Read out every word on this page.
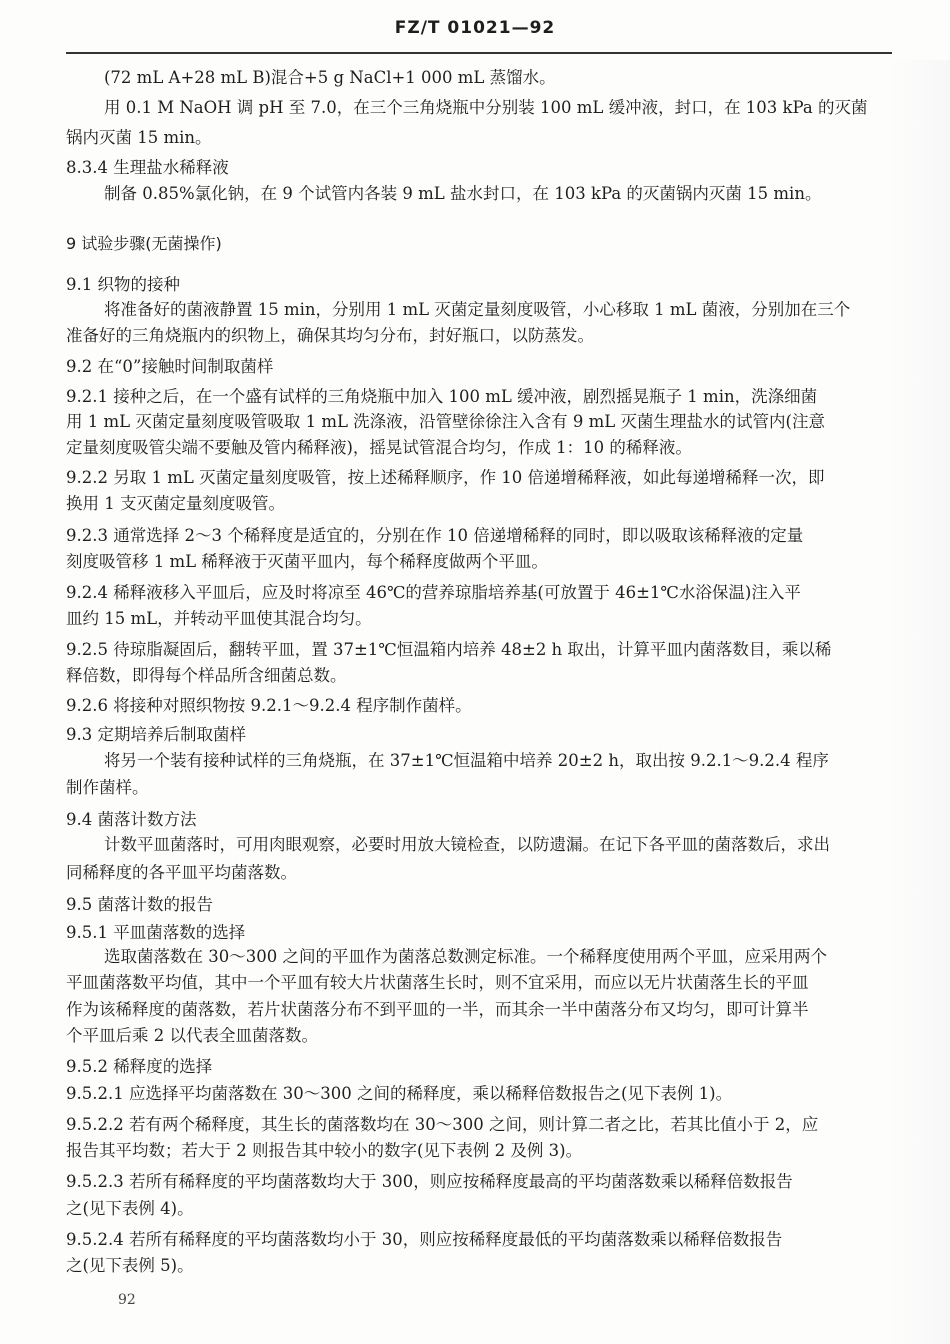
FZ/T 01021—92
(72 mL A+28 mL B)混合+5 g NaCl+1 000 mL 蒸馏水。
用 0.1 M NaOH 调 pH 至 7.0，在三个三角烧瓶中分别装 100 mL 缓冲液，封口，在 103 kPa 的灭菌
锅内灭菌 15 min。
8.3.4 生理盐水稀释液
制备 0.85%氯化钠，在 9 个试管内各装 9 mL 盐水封口，在 103 kPa 的灭菌锅内灭菌 15 min。
9 试验步骤(无菌操作)
9.1 织物的接种
将准备好的菌液静置 15 min，分别用 1 mL 灭菌定量刻度吸管，小心移取 1 mL 菌液，分别加在三个
准备好的三角烧瓶内的织物上，确保其均匀分布，封好瓶口，以防蒸发。
9.2 在“0”接触时间制取菌样
9.2.1 接种之后，在一个盛有试样的三角烧瓶中加入 100 mL 缓冲液，剧烈摇晃瓶子 1 min，洗涤细菌
用 1 mL 灭菌定量刻度吸管吸取 1 mL 洗涤液，沿管壁徐徐注入含有 9 mL 灭菌生理盐水的试管内(注意
定量刻度吸管尖端不要触及管内稀释液)，摇晃试管混合均匀，作成 1：10 的稀释液。
9.2.2 另取 1 mL 灭菌定量刻度吸管，按上述稀释顺序，作 10 倍递增稀释液，如此每递增稀释一次，即
换用 1 支灭菌定量刻度吸管。
9.2.3 通常选择 2～3 个稀释度是适宜的，分别在作 10 倍递增稀释的同时，即以吸取该稀释液的定量
刻度吸管移 1 mL 稀释液于灭菌平皿内，每个稀释度做两个平皿。
9.2.4 稀释液移入平皿后，应及时将凉至 46℃的营养琼脂培养基(可放置于 46±1℃水浴保温)注入平
皿约 15 mL，并转动平皿使其混合均匀。
9.2.5 待琼脂凝固后，翻转平皿，置 37±1℃恒温箱内培养 48±2 h 取出，计算平皿内菌落数目，乘以稀
释倍数，即得每个样品所含细菌总数。
9.2.6 将接种对照织物按 9.2.1～9.2.4 程序制作菌样。
9.3 定期培养后制取菌样
将另一个装有接种试样的三角烧瓶，在 37±1℃恒温箱中培养 20±2 h，取出按 9.2.1～9.2.4 程序
制作菌样。
9.4 菌落计数方法
计数平皿菌落时，可用肉眼观察，必要时用放大镜检查，以防遗漏。在记下各平皿的菌落数后，求出
同稀释度的各平皿平均菌落数。
9.5 菌落计数的报告
9.5.1 平皿菌落数的选择
选取菌落数在 30～300 之间的平皿作为菌落总数测定标准。一个稀释度使用两个平皿，应采用两个
平皿菌落数平均值，其中一个平皿有较大片状菌落生长时，则不宜采用，而应以无片状菌落生长的平皿
作为该稀释度的菌落数，若片状菌落分布不到平皿的一半，而其余一半中菌落分布又均匀，即可计算半
个平皿后乘 2 以代表全皿菌落数。
9.5.2 稀释度的选择
9.5.2.1 应选择平均菌落数在 30～300 之间的稀释度，乘以稀释倍数报告之(见下表例 1)。
9.5.2.2 若有两个稀释度，其生长的菌落数均在 30～300 之间，则计算二者之比，若其比值小于 2，应
报告其平均数；若大于 2 则报告其中较小的数字(见下表例 2 及例 3)。
9.5.2.3 若所有稀释度的平均菌落数均大于 300，则应按稀释度最高的平均菌落数乘以稀释倍数报告
之(见下表例 4)。
9.5.2.4 若所有稀释度的平均菌落数均小于 30，则应按稀释度最低的平均菌落数乘以稀释倍数报告
之(见下表例 5)。
92
